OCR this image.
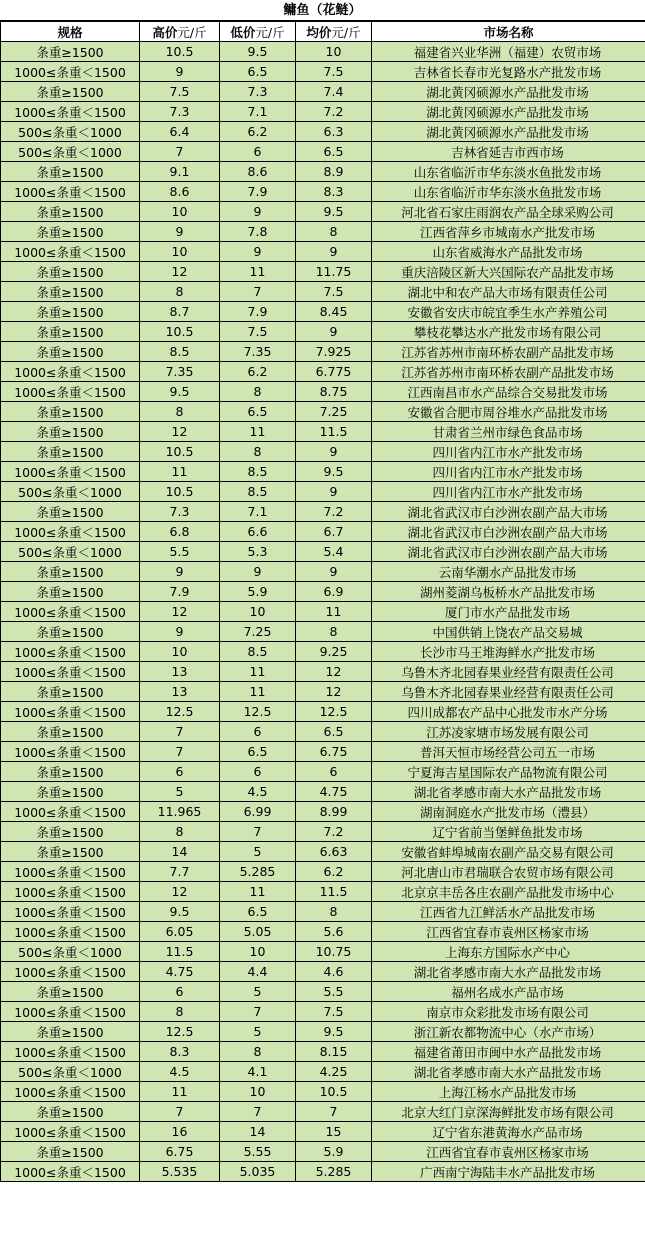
鳙鱼（花鲢）
规格	高价元/斤	低价元/斤	均价元/斤	市场名称
条重≥1500	10.5	9.5	10	福建省兴业华洲（福建）农贸市场
1000≤条重＜1500	9	6.5	7.5	吉林省长春市光复路水产批发市场
条重≥1500	7.5	7.3	7.4	湖北黄冈硕源水产品批发市场
1000≤条重＜1500	7.3	7.1	7.2	湖北黄冈硕源水产品批发市场
500≤条重＜1000	6.4	6.2	6.3	湖北黄冈硕源水产品批发市场
500≤条重＜1000	7	6	6.5	吉林省延吉市西市场
条重≥1500	9.1	8.6	8.9	山东省临沂市华东淡水鱼批发市场
1000≤条重＜1500	8.6	7.9	8.3	山东省临沂市华东淡水鱼批发市场
条重≥1500	10	9	9.5	河北省石家庄雨润农产品全球采购公司
条重≥1500	9	7.8	8	江西省萍乡市城南水产批发市场
1000≤条重＜1500	10	9	9	山东省威海水产品批发市场
条重≥1500	12	11	11.75	重庆涪陵区新大兴国际农产品批发市场
条重≥1500	8	7	7.5	湖北中和农产品大市场有限责任公司
条重≥1500	8.7	7.9	8.45	安徽省安庆市皖宜季生水产养殖公司
条重≥1500	10.5	7.5	9	攀枝花攀达水产批发市场有限公司
条重≥1500	8.5	7.35	7.925	江苏省苏州市南环桥农副产品批发市场
1000≤条重＜1500	7.35	6.2	6.775	江苏省苏州市南环桥农副产品批发市场
1000≤条重＜1500	9.5	8	8.75	江西南昌市水产品综合交易批发市场
条重≥1500	8	6.5	7.25	安徽省合肥市周谷堆水产品批发市场
条重≥1500	12	11	11.5	甘肃省兰州市绿色食品市场
条重≥1500	10.5	8	9	四川省内江市水产批发市场
1000≤条重＜1500	11	8.5	9.5	四川省内江市水产批发市场
500≤条重＜1000	10.5	8.5	9	四川省内江市水产批发市场
条重≥1500	7.3	7.1	7.2	湖北省武汉市白沙洲农副产品大市场
1000≤条重＜1500	6.8	6.6	6.7	湖北省武汉市白沙洲农副产品大市场
500≤条重＜1000	5.5	5.3	5.4	湖北省武汉市白沙洲农副产品大市场
条重≥1500	9	9	9	云南华潮水产品批发市场
条重≥1500	7.9	5.9	6.9	湖州菱湖乌板桥水产品批发市场
1000≤条重＜1500	12	10	11	厦门市水产品批发市场
条重≥1500	9	7.25	8	中国供销上饶农产品交易城
1000≤条重＜1500	10	8.5	9.25	长沙市马王堆海鲜水产批发市场
1000≤条重＜1500	13	11	12	乌鲁木齐北园春果业经营有限责任公司
条重≥1500	13	11	12	乌鲁木齐北园春果业经营有限责任公司
1000≤条重＜1500	12.5	12.5	12.5	四川成都农产品中心批发市水产分场
条重≥1500	7	6	6.5	江苏凌家塘市场发展有限公司
1000≤条重＜1500	7	6.5	6.75	普洱天恒市场经营公司五一市场
条重≥1500	6	6	6	宁夏海吉星国际农产品物流有限公司
条重≥1500	5	4.5	4.75	湖北省孝感市南大水产品批发市场
1000≤条重＜1500	11.965	6.99	8.99	湖南洞庭水产批发市场（澧县）
条重≥1500	8	7	7.2	辽宁省前当堡鲜鱼批发市场
条重≥1500	14	5	6.63	安徽省蚌埠城南农副产品交易有限公司
1000≤条重＜1500	7.7	5.285	6.2	河北唐山市君瑞联合农贸市场有限公司
1000≤条重＜1500	12	11	11.5	北京京丰岳各庄农副产品批发市场中心
1000≤条重＜1500	9.5	6.5	8	江西省九江鲜活水产品批发市场
1000≤条重＜1500	6.05	5.05	5.6	江西省宜春市袁州区杨家市场
500≤条重＜1000	11.5	10	10.75	上海东方国际水产中心
1000≤条重＜1500	4.75	4.4	4.6	湖北省孝感市南大水产品批发市场
条重≥1500	6	5	5.5	福州名成水产品市场
1000≤条重＜1500	8	7	7.5	南京市众彩批发市场有限公司
条重≥1500	12.5	5	9.5	浙江新农都物流中心（水产市场）
1000≤条重＜1500	8.3	8	8.15	福建省莆田市闽中水产品批发市场
500≤条重＜1000	4.5	4.1	4.25	湖北省孝感市南大水产品批发市场
1000≤条重＜1500	11	10	10.5	上海江杨水产品批发市场
条重≥1500	7	7	7	北京大红门京深海鲜批发市场有限公司
1000≤条重＜1500	16	14	15	辽宁省东港黄海水产品市场
条重≥1500	6.75	5.55	5.9	江西省宜春市袁州区杨家市场
1000≤条重＜1500	5.535	5.035	5.285	广西南宁海陆丰水产品批发市场
